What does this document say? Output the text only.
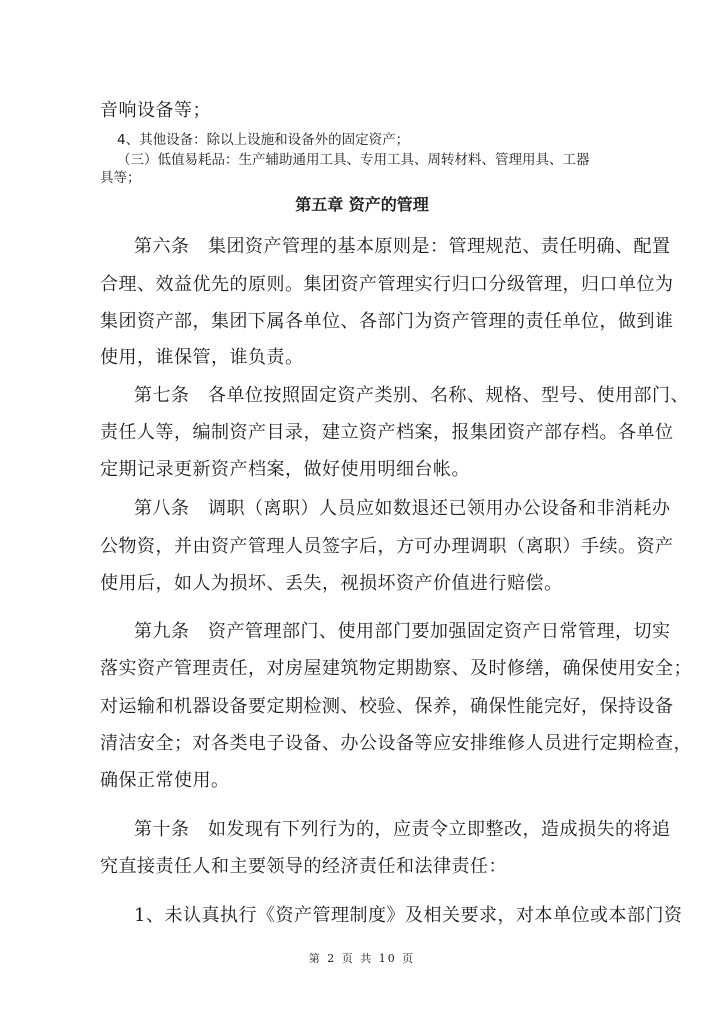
音响设备等；
4、其他设备：除以上设施和设备外的固定资产；
（三）低值易耗品：生产辅助通用工具、专用工具、周转材料、管理用具、工器
具等；
第五章 资产的管理
第六条　集团资产管理的基本原则是：管理规范、责任明确、配置
合理、效益优先的原则。集团资产管理实行归口分级管理，归口单位为
集团资产部，集团下属各单位、各部门为资产管理的责任单位，做到谁
使用，谁保管，谁负责。
第七条　各单位按照固定资产类别、名称、规格、型号、使用部门、
责任人等，编制资产目录，建立资产档案，报集团资产部存档。各单位
定期记录更新资产档案，做好使用明细台帐。
第八条　调职（离职）人员应如数退还已领用办公设备和非消耗办
公物资，并由资产管理人员签字后，方可办理调职（离职）手续。资产
使用后，如人为损坏、丢失，视损坏资产价值进行赔偿。
第九条　资产管理部门、使用部门要加强固定资产日常管理，切实
落实资产管理责任，对房屋建筑物定期勘察、及时修缮，确保使用安全；
对运输和机器设备要定期检测、校验、保养，确保性能完好，保持设备
清洁安全；对各类电子设备、办公设备等应安排维修人员进行定期检查，
确保正常使用。
第十条　如发现有下列行为的，应责令立即整改，造成损失的将追
究直接责任人和主要领导的经济责任和法律责任：
1、未认真执行《资产管理制度》及相关要求，对本单位或本部门资
第 2 页 共 10 页
